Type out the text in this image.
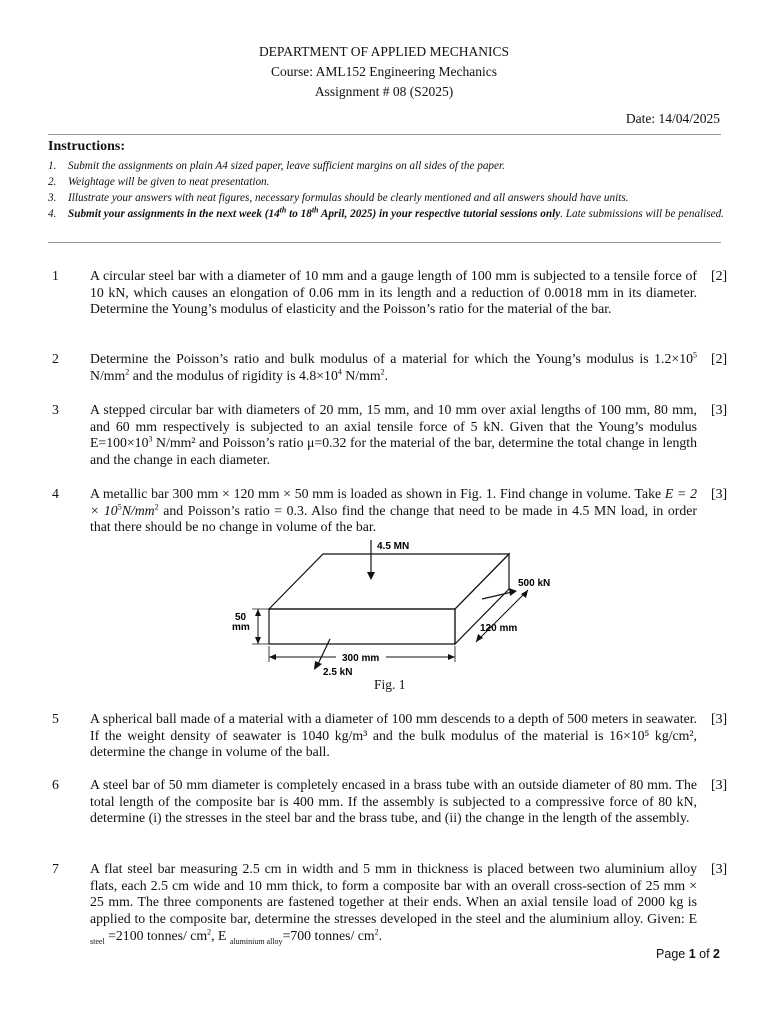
DEPARTMENT OF APPLIED MECHANICS
Course: AML152 Engineering Mechanics
Assignment # 08 (S2025)
Date: 14/04/2025
Instructions:
1.	Submit the assignments on plain A4 sized paper, leave sufficient margins on all sides of the paper.
2.	Weightage will be given to neat presentation.
3.	Illustrate your answers with neat figures, necessary formulas should be clearly mentioned and all answers should have units.
4.	Submit your assignments in the next week (14th to 18th April, 2025) in your respective tutorial sessions only. Late submissions will be penalised.
1 A circular steel bar with a diameter of 10 mm and a gauge length of 100 mm is subjected to a tensile force of 10 kN, which causes an elongation of 0.06 mm in its length and a reduction of 0.0018 mm in its diameter. Determine the Young’s modulus of elasticity and the Poisson’s ratio for the material of the bar.
[2]
2 Determine the Poisson’s ratio and bulk modulus of a material for which the Young’s modulus is $1.2\times 10^5$ $N/mm^2$ and the modulus of rigidity is $4.8\times 10^4$ $N/mm^2$.
[2]
3 A stepped circular bar with diameters of 20 mm, 15 mm, and 10 mm over axial lengths of 100 mm, 80 mm, and 60 mm respectively is subjected to an axial tensile force of 5 kN. Given that the Young’s modulus $E=100\times 10^3$ N/mm² and Poisson’s ratio μ=0.32 for the material of the bar, determine the total change in length and the change in each diameter.
[3]
4 A metallic bar 300 mm × 120 mm × 50 mm is loaded as shown in Fig. 1. Find change in volume. Take $E = 2 \times 10^5N/mm^2$ and Poisson’s ratio = 0.3. Also find the change that need to be made in 4.5 MN load, in order that there should be no change in volume of the bar.
[3]
4.5 MN
500 kN
120 mm
50
mm
300 mm
2.5 kN
Fig. 1
5 A spherical ball made of a material with a diameter of 100 mm descends to a depth of 500 meters in seawater. If the weight density of seawater is 1040 kg/m³ and the bulk modulus of the material is 16×10⁵ kg/cm², determine the change in volume of the ball.
[3]
6 A steel bar of 50 mm diameter is completely encased in a brass tube with an outside diameter of 80 mm. The total length of the composite bar is 400 mm. If the assembly is subjected to a compressive force of 80 kN, determine (i) the stresses in the steel bar and the brass tube, and (ii) the change in the length of the assembly.
[3]
7 A flat steel bar measuring 2.5 cm in width and 5 mm in thickness is placed between two aluminium alloy flats, each 2.5 cm wide and 10 mm thick, to form a composite bar with an overall cross-section of 25 mm × 25 mm. The three components are fastened together at their ends. When an axial tensile load of 2000 kg is applied to the composite bar, determine the stresses developed in the steel and the aluminium alloy. Given: E $_{steel}$ =2100 tonnes/ $cm^2$, E $_{aluminium alloy}$=700 tonnes/ $cm^2$.
[3]
Page 1 of 2
